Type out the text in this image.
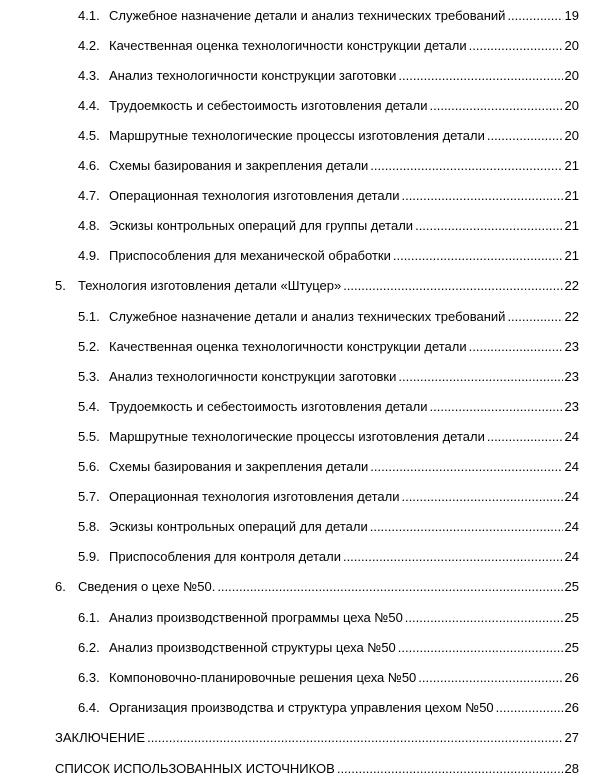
4.1. Служебное назначение детали и анализ технических требований .....	19
4.2. Качественная оценка технологичности конструкции детали .....	20
4.3. Анализ технологичности конструкции заготовки .....	20
4.4. Трудоемкость и себестоимость изготовления детали .....	20
4.5. Маршрутные технологические процессы изготовления детали .....	20
4.6. Схемы базирования и закрепления детали .....	21
4.7. Операционная технология изготовления детали .....	21
4.8. Эскизы контрольных операций для группы детали .....	21
4.9. Приспособления для механической обработки .....	21
5. Технология изготовления детали «Штуцер» .....	22
5.1. Служебное назначение детали и анализ технических требований .....	22
5.2. Качественная оценка технологичности конструкции детали .....	23
5.3. Анализ технологичности конструкции заготовки .....	23
5.4. Трудоемкость и себестоимость изготовления детали .....	23
5.5. Маршрутные технологические процессы изготовления детали .....	24
5.6. Схемы базирования и закрепления детали .....	24
5.7. Операционная технология изготовления детали .....	24
5.8. Эскизы контрольных операций для детали .....	24
5.9. Приспособления для контроля детали .....	24
6. Сведения о цехе №50. .....	25
6.1. Анализ производственной программы цеха №50 .....	25
6.2. Анализ производственной структуры цеха №50 .....	25
6.3. Компоновочно-планировочные решения цеха №50 .....	26
6.4. Организация производства и структура управления цехом №50 .....	26
ЗАКЛЮЧЕНИЕ .....	27
СПИСОК ИСПОЛЬЗОВАННЫХ ИСТОЧНИКОВ .....	28
